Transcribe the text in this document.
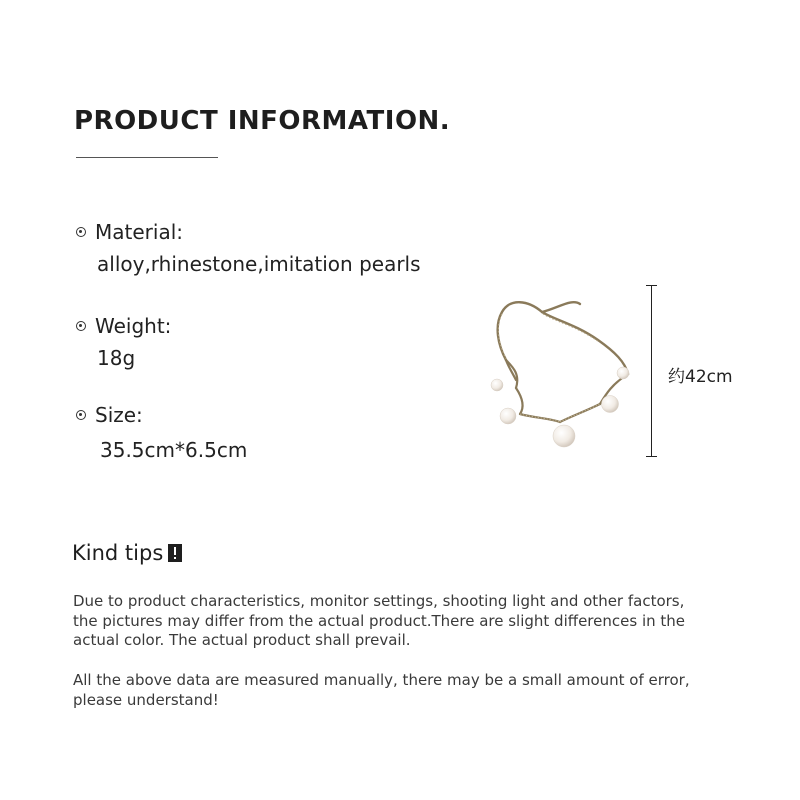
PRODUCT INFORMATION.
Material:
alloy,rhinestone,imitation pearls
Weight:
18g
Size:
35.5cm*6.5cm
约42cm
Kind tips

Due to product characteristics, monitor settings, shooting light and other factors, the pictures may differ from the actual product.There are slight differences in the actual color. The actual product shall prevail.

All the above data are measured manually, there may be a small amount of error, please understand!
